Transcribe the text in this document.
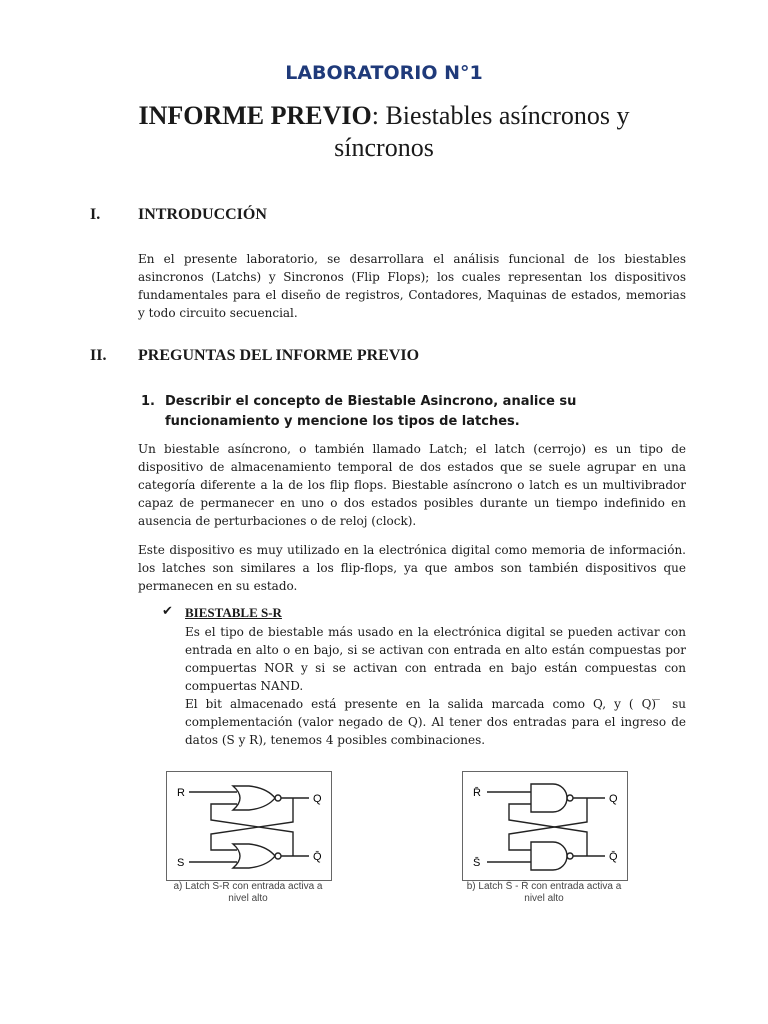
LABORATORIO N°1
INFORME PREVIO: Biestables asíncronos y síncronos
I. INTRODUCCIÓN
En el presente laboratorio, se desarrollara el análisis funcional de los biestables asincronos (Latchs) y Sincronos (Flip Flops); los cuales representan los dispositivos fundamentales para el diseño de registros, Contadores, Maquinas de estados, memorias y todo circuito secuencial.
II. PREGUNTAS DEL INFORME PREVIO
1. Describir el concepto de Biestable Asincrono, analice su funcionamiento y mencione los tipos de latches.
Un biestable asíncrono, o también llamado Latch; el latch (cerrojo) es un tipo de dispositivo de almacenamiento temporal de dos estados que se suele agrupar en una categoría diferente a la de los flip flops. Biestable asíncrono o latch es un multivibrador capaz de permanecer en uno o dos estados posibles durante un tiempo indefinido en ausencia de perturbaciones o de reloj (clock).
Este dispositivo es muy utilizado en la electrónica digital como memoria de información. los latches son similares a los flip-flops, ya que ambos son también dispositivos que permanecen en su estado.
✔ BIESTABLE S-R
Es el tipo de biestable más usado en la electrónica digital se pueden activar con entrada en alto o en bajo, si se activan con entrada en alto están compuestas por compuertas NOR y si se activan con entrada en bajo están compuestas con compuertas NAND.
El bit almacenado está presente en la salida marcada como Q, y ( Q) ̅ su complementación (valor negado de Q). Al tener dos entradas para el ingreso de datos (S y R), tenemos 4 posibles combinaciones.
R
S
Q
Q̄
a) Latch S-R con entrada activa a nivel alto
R̄
S̄
Q
Q̄
b) Latch S̄ - R̄ con entrada activa a nivel alto
